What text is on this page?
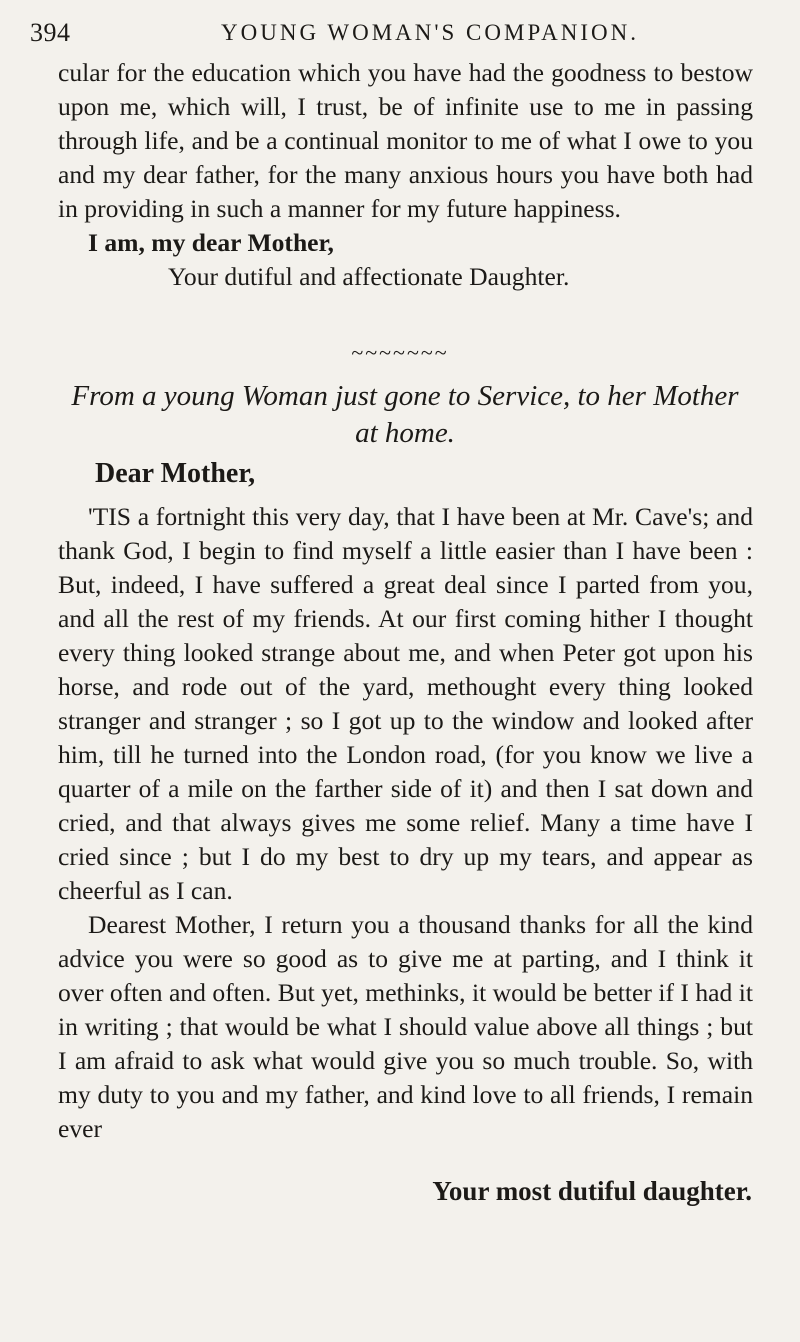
394	YOUNG WOMAN'S COMPANION.

cular for the education which you have had the goodness to bestow upon me, which will, I trust, be of infinite use to me in passing through life, and be a continual monitor to me of what I owe to you and my dear father, for the many anxious hours you have both had in providing in such a manner for my future happiness.

I am, my dear Mother,

Your dutiful and affectionate Daughter.

~~~~~~~
From a young Woman just gone to Service, to her Mother at home.
Dear Mother,

'TIS a fortnight this very day, that I have been at Mr. Cave's; and thank God, I begin to find myself a little easier than I have been : But, indeed, I have suffered a great deal since I parted from you, and all the rest of my friends. At our first coming hither I thought every thing looked strange about me, and when Peter got upon his horse, and rode out of the yard, methought every thing looked stranger and stranger ; so I got up to the window and looked after him, till he turned into the London road, (for you know we live a quarter of a mile on the farther side of it) and then I sat down and cried, and that always gives me some relief. Many a time have I cried since ; but I do my best to dry up my tears, and appear as cheerful as I can.

Dearest Mother, I return you a thousand thanks for all the kind advice you were so good as to give me at parting, and I think it over often and often. But yet, methinks, it would be better if I had it in writing ; that would be what I should value above all things ; but I am afraid to ask what would give you so much trouble. So, with my duty to you and my father, and kind love to all friends, I remain ever

Your most dutiful daughter.
